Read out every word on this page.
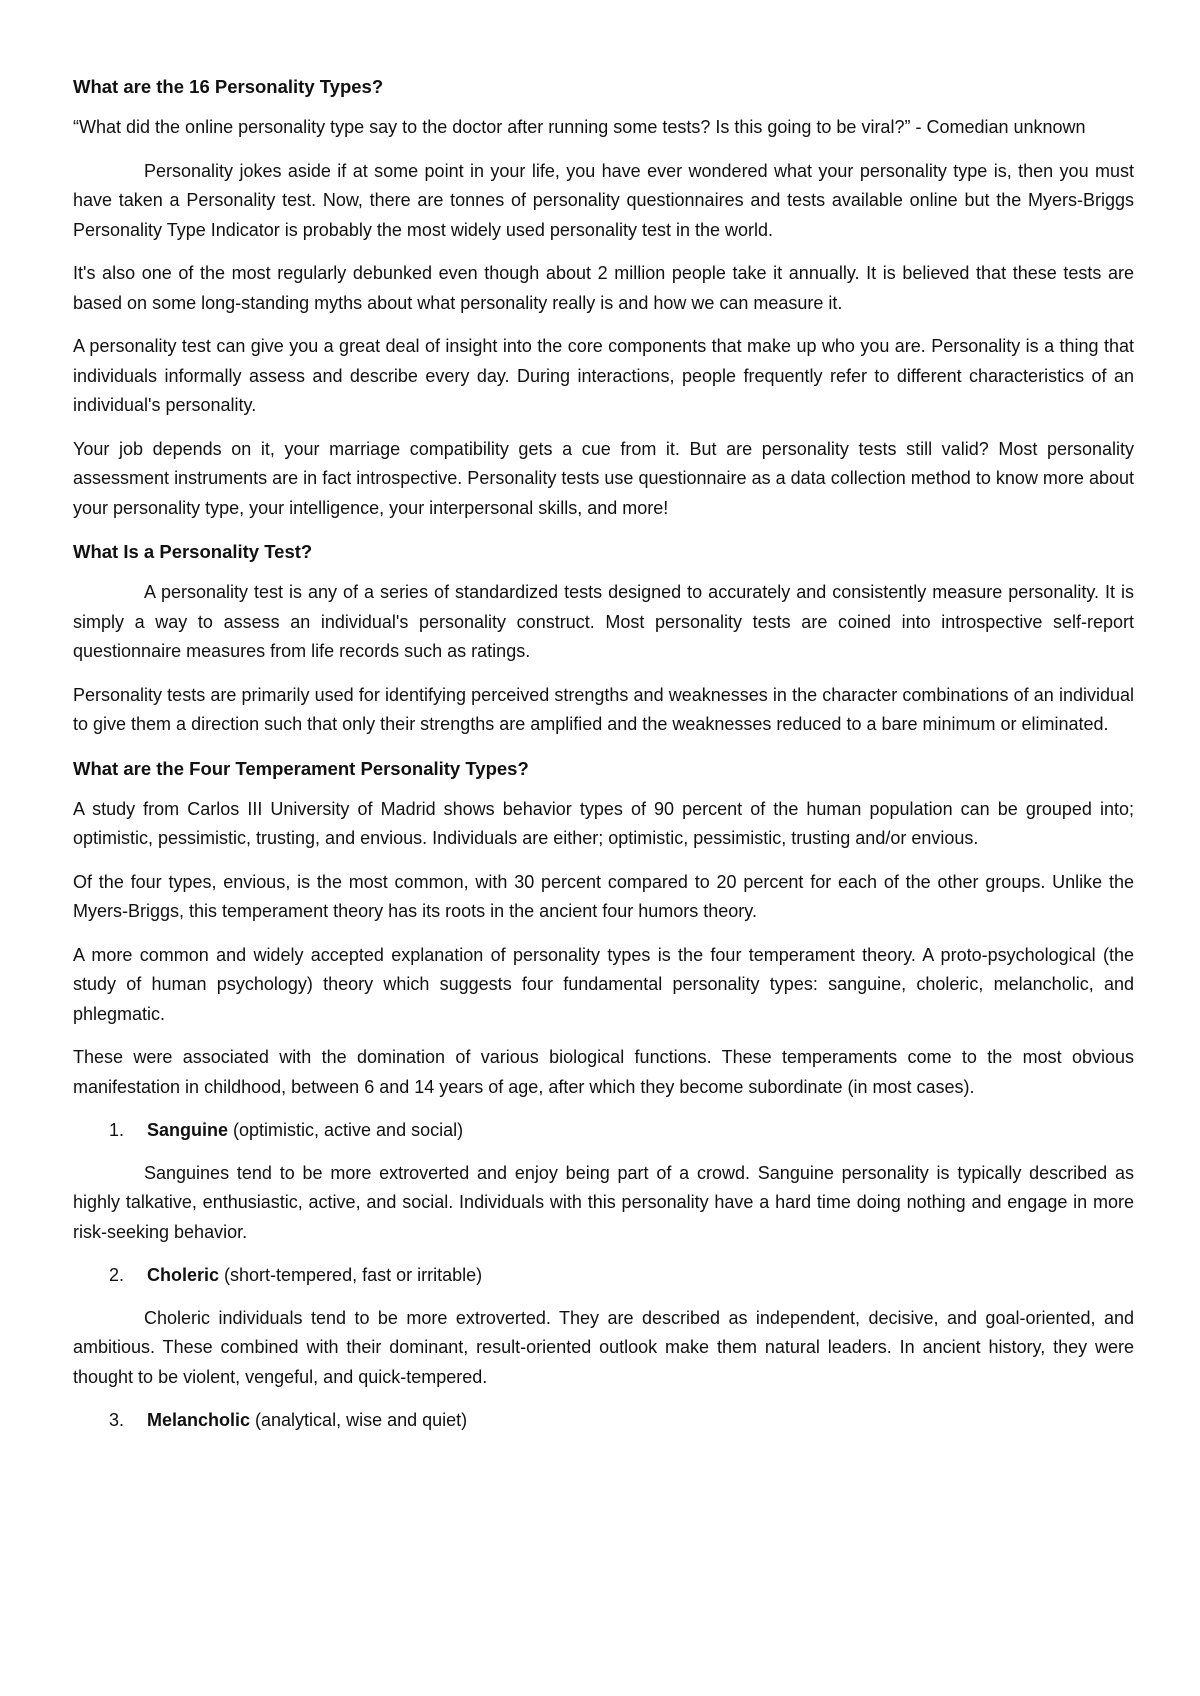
What are the 16 Personality Types?

“What did the online personality type say to the doctor after running some tests? Is this going to be viral?” - Comedian unknown

Personality jokes aside if at some point in your life, you have ever wondered what your personality type is, then you must have taken a Personality test. Now, there are tonnes of personality questionnaires and tests available online but the Myers-Briggs Personality Type Indicator is probably the most widely used personality test in the world.

It's also one of the most regularly debunked even though about 2 million people take it annually. It is believed that these tests are based on some long-standing myths about what personality really is and how we can measure it.

A personality test can give you a great deal of insight into the core components that make up who you are. Personality is a thing that individuals informally assess and describe every day. During interactions, people frequently refer to different characteristics of an individual's personality.

Your job depends on it, your marriage compatibility gets a cue from it. But are personality tests still valid? Most personality assessment instruments are in fact introspective. Personality tests use questionnaire as a data collection method to know more about your personality type, your intelligence, your interpersonal skills, and more!

What Is a Personality Test?

A personality test is any of a series of standardized tests designed to accurately and consistently measure personality. It is simply a way to assess an individual's personality construct. Most personality tests are coined into introspective self-report questionnaire measures from life records such as ratings.

Personality tests are primarily used for identifying perceived strengths and weaknesses in the character combinations of an individual to give them a direction such that only their strengths are amplified and the weaknesses reduced to a bare minimum or eliminated.

What are the Four Temperament Personality Types?

A study from Carlos III University of Madrid shows behavior types of 90 percent of the human population can be grouped into; optimistic, pessimistic, trusting, and envious. Individuals are either; optimistic, pessimistic, trusting and/or envious.

Of the four types, envious, is the most common, with 30 percent compared to 20 percent for each of the other groups. Unlike the Myers-Briggs, this temperament theory has its roots in the ancient four humors theory.

A more common and widely accepted explanation of personality types is the four temperament theory. A proto-psychological (the study of human psychology) theory which suggests four fundamental personality types: sanguine, choleric, melancholic, and phlegmatic.

These were associated with the domination of various biological functions. These temperaments come to the most obvious manifestation in childhood, between 6 and 14 years of age, after which they become subordinate (in most cases).

1.	Sanguine (optimistic, active and social)

Sanguines tend to be more extroverted and enjoy being part of a crowd. Sanguine personality is typically described as highly talkative, enthusiastic, active, and social. Individuals with this personality have a hard time doing nothing and engage in more risk-seeking behavior.

2.	Choleric (short-tempered, fast or irritable)

Choleric individuals tend to be more extroverted. They are described as independent, decisive, and goal-oriented, and ambitious. These combined with their dominant, result-oriented outlook make them natural leaders. In ancient history, they were thought to be violent, vengeful, and quick-tempered.

3.	Melancholic (analytical, wise and quiet)
